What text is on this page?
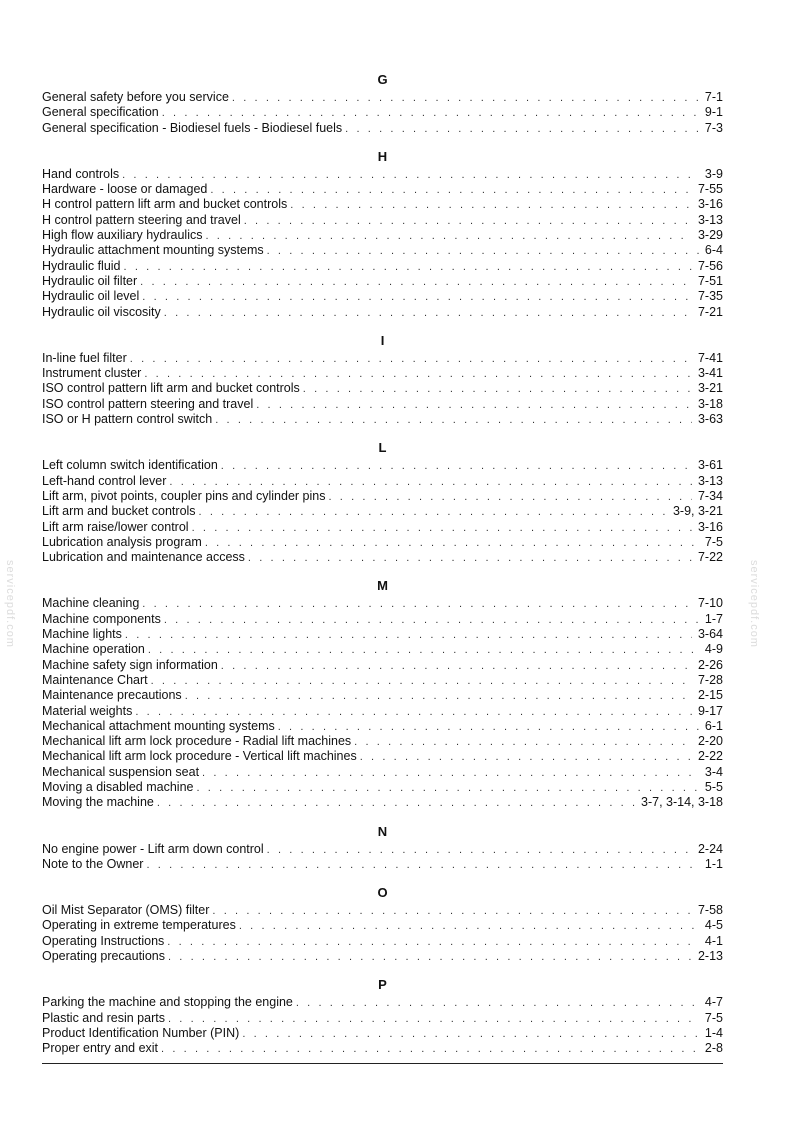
G
General safety before you service . . .	7-1
General specification . . .	9-1
General specification - Biodiesel fuels - Biodiesel fuels . . .	7-3
H
Hand controls . . .	3-9
Hardware - loose or damaged . . .	7-55
H control pattern lift arm and bucket controls . . .	3-16
H control pattern steering and travel . . .	3-13
High flow auxiliary hydraulics . . .	3-29
Hydraulic attachment mounting systems . . .	6-4
Hydraulic fluid . . .	7-56
Hydraulic oil filter . . .	7-51
Hydraulic oil level . . .	7-35
Hydraulic oil viscosity . . .	7-21
I
In-line fuel filter . . .	7-41
Instrument cluster . . .	3-41
ISO control pattern lift arm and bucket controls . . .	3-21
ISO control pattern steering and travel . . .	3-18
ISO or H pattern control switch . . .	3-63
L
Left column switch identification . . .	3-61
Left-hand control lever . . .	3-13
Lift arm, pivot points, coupler pins and cylinder pins . . .	7-34
Lift arm and bucket controls . . .	3-9, 3-21
Lift arm raise/lower control . . .	3-16
Lubrication analysis program . . .	7-5
Lubrication and maintenance access . . .	7-22
M
Machine cleaning . . .	7-10
Machine components . . .	1-7
Machine lights . . .	3-64
Machine operation . . .	4-9
Machine safety sign information . . .	2-26
Maintenance Chart . . .	7-28
Maintenance precautions . . .	2-15
Material weights . . .	9-17
Mechanical attachment mounting systems . . .	6-1
Mechanical lift arm lock procedure - Radial lift machines . . .	2-20
Mechanical lift arm lock procedure - Vertical lift machines . . .	2-22
Mechanical suspension seat . . .	3-4
Moving a disabled machine . . .	5-5
Moving the machine . . .	3-7, 3-14, 3-18
N
No engine power - Lift arm down control . . .	2-24
Note to the Owner . . .	1-1
O
Oil Mist Separator (OMS) filter . . .	7-58
Operating in extreme temperatures . . .	4-5
Operating Instructions . . .	4-1
Operating precautions . . .	2-13
P
Parking the machine and stopping the engine . . .	4-7
Plastic and resin parts . . .	7-5
Product Identification Number (PIN) . . .	1-4
Proper entry and exit . . .	2-8
servicepdf.com	servicepdf.com
